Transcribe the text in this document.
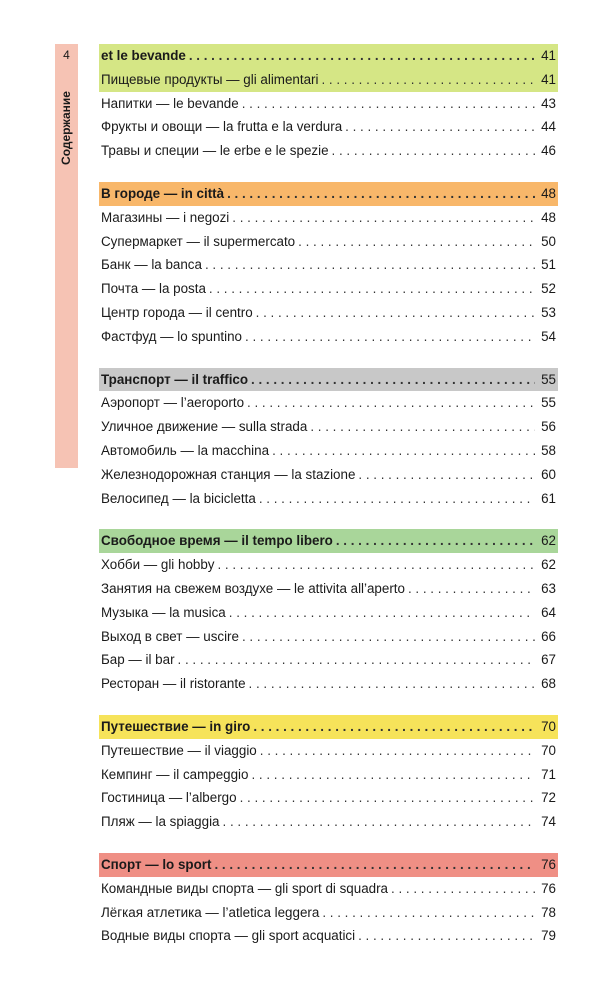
4
Содержание
et le bevande . . .	41
Пищевые продукты — gli alimentari . . .	41
Напитки — le bevande . . .	43
Фрукты и овощи — la frutta e la verdura . . .	44
Травы и специи — le erbe e le spezie . . .	46
В городе — in città . . .	48
Магазины — i negozi . . .	48
Супермаркет — il supermercato . . .	50
Банк — la banca . . .	51
Почта — la posta . . .	52
Центр города — il centro . . .	53
Фастфуд — lo spuntino . . .	54
Транспорт — il traffico . . .	55
Аэропорт — l’aeroporto . . .	55
Уличное движение — sulla strada . . .	56
Автомобиль — la macchina . . .	58
Железнодорожная станция — la stazione . . .	60
Велосипед — la bicicletta . . .	61
Свободное время — il tempo libero . . .	62
Хобби — gli hobby . . .	62
Занятия на свежем воздухе — le attivita all’aperto . . .	63
Музыка — la musica . . .	64
Выход в свет — uscire . . .	66
Бар — il bar . . .	67
Ресторан — il ristorante . . .	68
Путешествие — in giro . . .	70
Путешествие — il viaggio . . .	70
Кемпинг — il campeggio . . .	71
Гостиница — l’albergo . . .	72
Пляж — la spiaggia . . .	74
Спорт — lo sport . . .	76
Командные виды спорта — gli sport di squadra . . .	76
Лёгкая атлетика — l’atletica leggera . . .	78
Водные виды спорта — gli sport acquatici . . .	79
